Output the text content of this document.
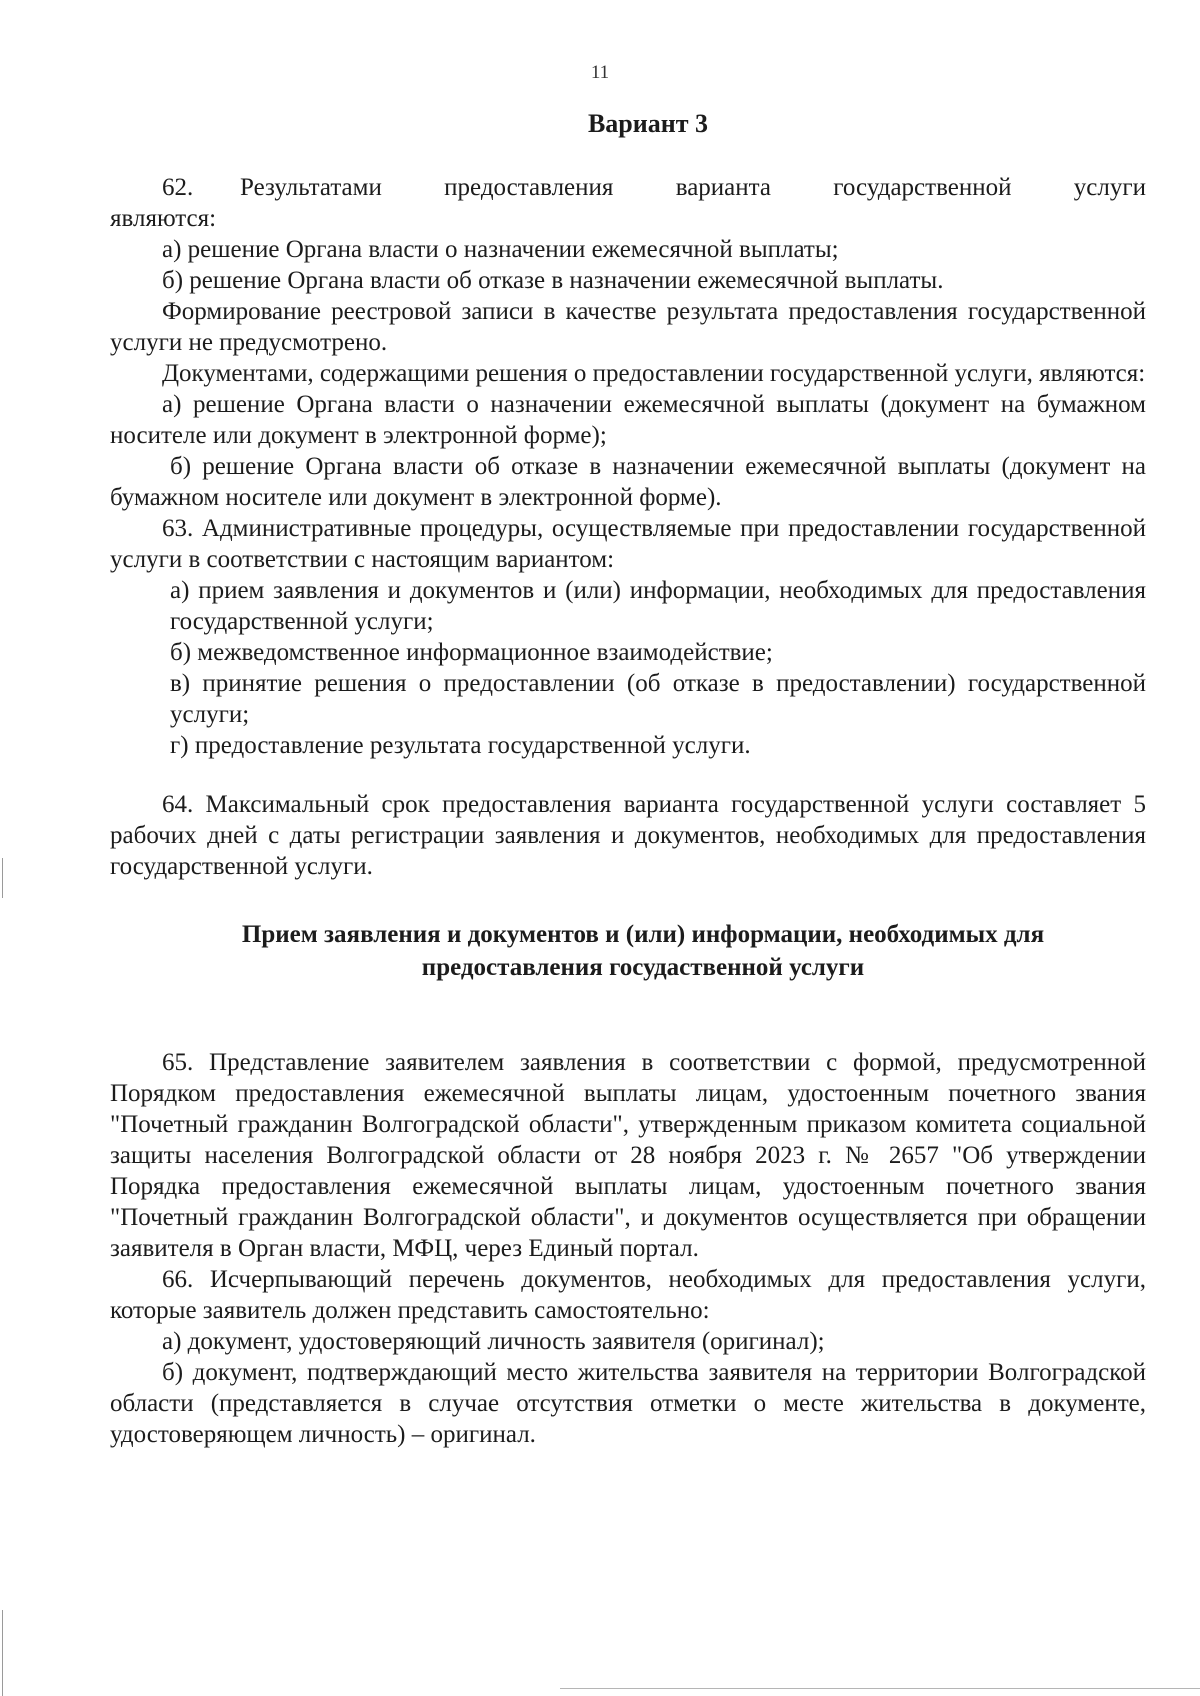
11

Вариант 3

62.   Результатами    предоставления    варианта    государственной    услуги

являются:

а) решение Органа власти о назначении ежемесячной выплаты;

б) решение Органа власти об отказе в назначении ежемесячной выплаты.

Формирование реестровой записи в качестве результата предоставления государственной услуги не предусмотрено.

Документами, содержащими решения о предоставлении государственной услуги, являются:

а) решение Органа власти о назначении ежемесячной выплаты (документ на бумажном носителе или документ в электронной форме);

б) решение Органа власти об отказе в назначении ежемесячной выплаты (документ на бумажном носителе или документ в электронной форме).

63. Административные процедуры, осуществляемые при предоставлении государственной услуги в соответствии с настоящим вариантом:

а) прием заявления и документов и (или) информации, необходимых для предоставления государственной услуги;

б) межведомственное информационное взаимодействие;

в) принятие решения о предоставлении (об отказе в предоставлении) государственной услуги;

г) предоставление результата государственной услуги.

64. Максимальный срок предоставления варианта государственной услуги составляет 5 рабочих дней с даты регистрации заявления и документов, необходимых для предоставления государственной услуги.

Прием заявления и документов и (или) информации, необходимых для
предоставления госудаственной услуги

65. Представление заявителем заявления в соответствии с формой, предусмотренной Порядком предоставления ежемесячной выплаты лицам, удостоенным почетного звания "Почетный гражданин Волгоградской области", утвержденным приказом комитета социальной защиты населения Волгоградской области от 28 ноября 2023 г. № 2657 "Об утверждении Порядка предоставления ежемесячной выплаты лицам, удостоенным почетного звания "Почетный гражданин Волгоградской области", и документов осуществляется при обращении заявителя в Орган власти, МФЦ, через Единый портал.

66. Исчерпывающий перечень документов, необходимых для предоставления услуги, которые заявитель должен представить самостоятельно:

а) документ, удостоверяющий личность заявителя (оригинал);

б) документ, подтверждающий место жительства заявителя на территории Волгоградской области (представляется в случае отсутствия отметки о месте жительства в документе, удостоверяющем личность) – оригинал.
